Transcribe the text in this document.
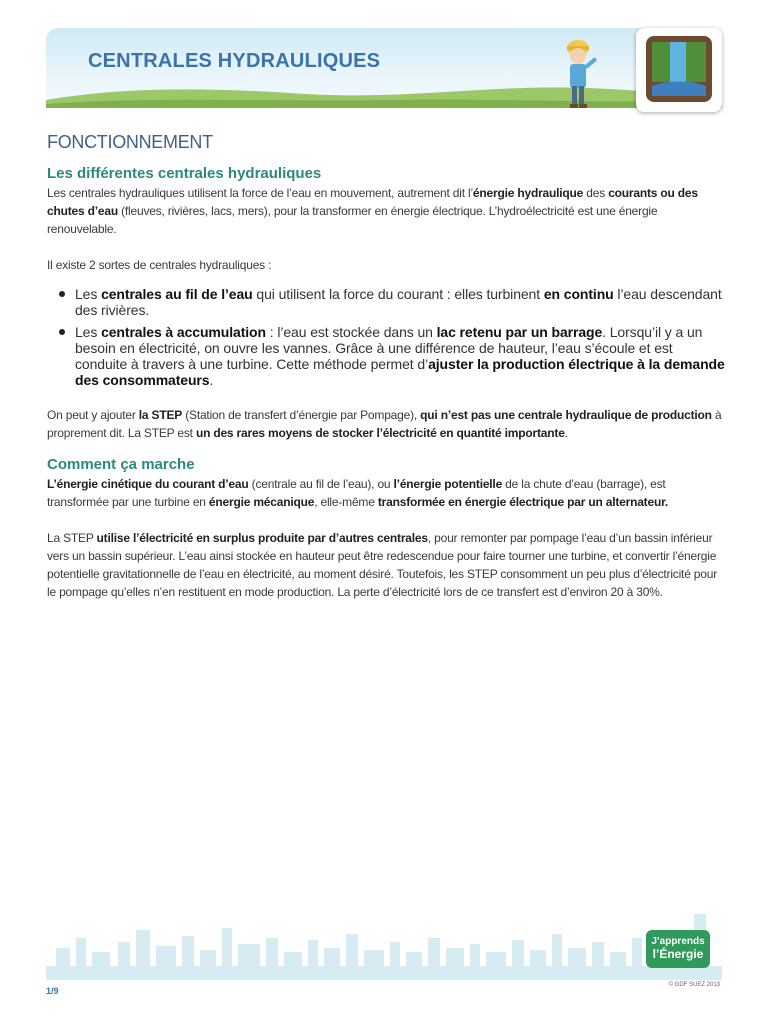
CENTRALES HYDRAULIQUES
FONCTIONNEMENT
Les différentes centrales hydrauliques

Les centrales hydrauliques utilisent la force de l’eau en mouvement, autrement dit l’énergie hydraulique des courants ou des chutes d’eau (fleuves, rivières, lacs, mers), pour la transformer en énergie électrique. L’hydroélectricité est une énergie renouvelable.

Il existe 2 sortes de centrales hydrauliques :

Les centrales au fil de l’eau qui utilisent la force du courant : elles turbinent en continu l’eau descendant des rivières.
Les centrales à accumulation : l’eau est stockée dans un lac retenu par un barrage. Lorsqu’il y a un besoin en électricité, on ouvre les vannes. Grâce à une différence de hauteur, l’eau s’écoule et est conduite à travers à une turbine. Cette méthode permet d’ajuster la production électrique à la demande des consommateurs.

On peut y ajouter la STEP (Station de transfert d’énergie par Pompage), qui n’est pas une centrale hydraulique de production à proprement dit. La STEP est un des rares moyens de stocker l’électricité en quantité importante.

Comment ça marche

L’énergie cinétique du courant d’eau (centrale au fil de l’eau), ou l’énergie potentielle de la chute d’eau (barrage), est transformée par une turbine en énergie mécanique, elle-même transformée en énergie électrique par un alternateur.

La STEP utilise l’électricité en surplus produite par d’autres centrales, pour remonter par pompage l’eau d’un bassin inférieur vers un bassin supérieur. L’eau ainsi stockée en hauteur peut être redescendue pour faire tourner une turbine, et convertir l’énergie potentielle gravitationnelle de l’eau en électricité, au moment désiré. Toutefois, les STEP consomment un peu plus d’électricité pour le pompage qu’elles n’en restituent en mode production. La perte d’électricité lors de ce transfert est d’environ 20 à 30%.

J’apprends
l’Énergie
1/9
© GDF SUEZ 2013
